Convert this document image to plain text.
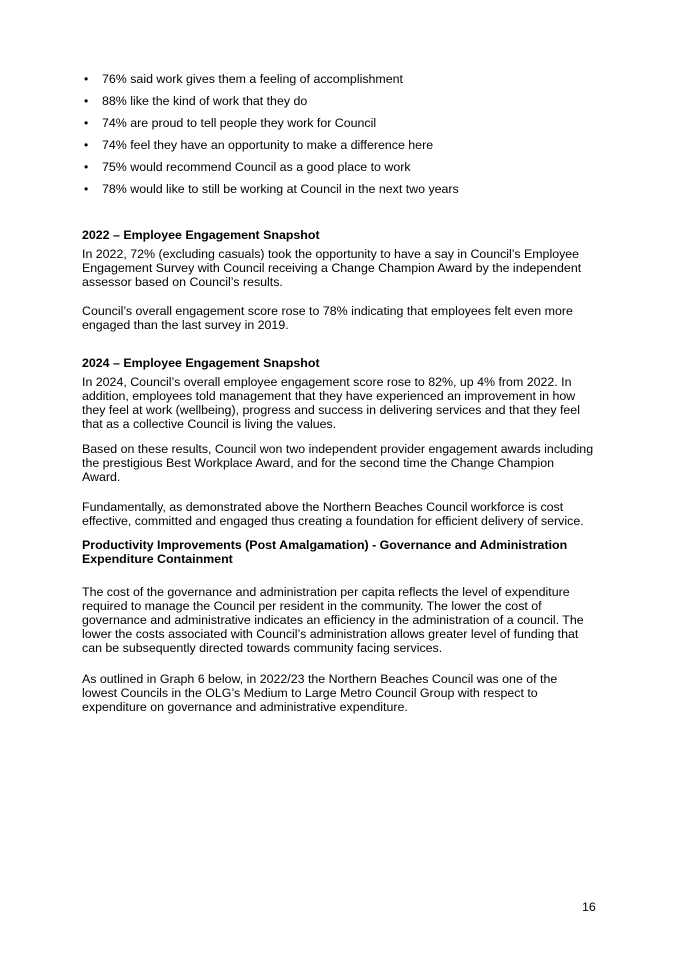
• 76% said work gives them a feeling of accomplishment
• 88% like the kind of work that they do
• 74% are proud to tell people they work for Council
• 74% feel they have an opportunity to make a difference here
• 75% would recommend Council as a good place to work
• 78% would like to still be working at Council in the next two years
2022 – Employee Engagement Snapshot

In 2022, 72% (excluding casuals) took the opportunity to have a say in Council’s Employee Engagement Survey with Council receiving a Change Champion Award by the independent assessor based on Council’s results.

Council’s overall engagement score rose to 78% indicating that employees felt even more engaged than the last survey in 2019.

2024 – Employee Engagement Snapshot

In 2024, Council’s overall employee engagement score rose to 82%, up 4% from 2022. In addition, employees told management that they have experienced an improvement in how they feel at work (wellbeing), progress and success in delivering services and that they feel that as a collective Council is living the values.

Based on these results, Council won two independent provider engagement awards including the prestigious Best Workplace Award, and for the second time the Change Champion Award.

Fundamentally, as demonstrated above the Northern Beaches Council workforce is cost effective, committed and engaged thus creating a foundation for efficient delivery of service.

Productivity Improvements (Post Amalgamation) - Governance and Administration Expenditure Containment

The cost of the governance and administration per capita reflects the level of expenditure required to manage the Council per resident in the community. The lower the cost of governance and administrative indicates an efficiency in the administration of a council. The lower the costs associated with Council’s administration allows greater level of funding that can be subsequently directed towards community facing services.

As outlined in Graph 6 below, in 2022/23 the Northern Beaches Council was one of the lowest Councils in the OLG’s Medium to Large Metro Council Group with respect to expenditure on governance and administrative expenditure.

16
